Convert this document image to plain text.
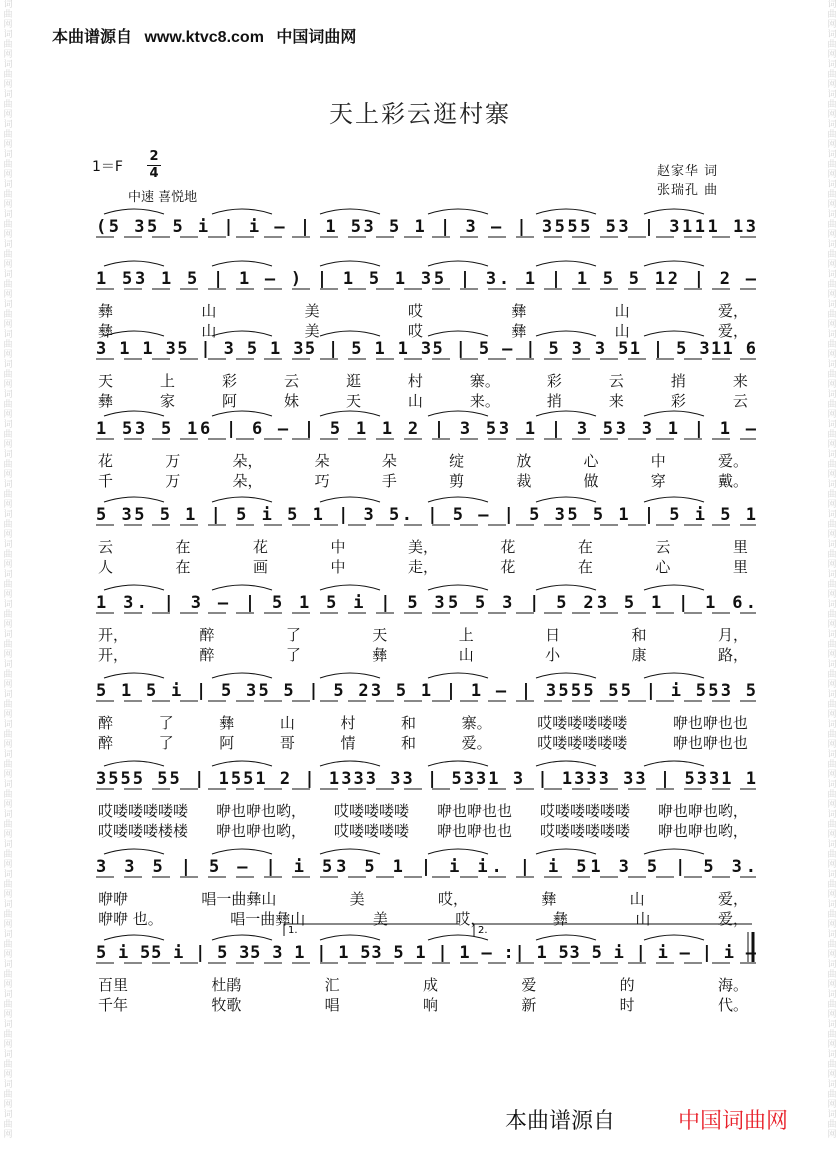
词曲网词曲网词曲网词曲网词曲网词曲网词曲网词曲网词曲网词曲网词曲网词曲网词曲网词曲网词曲网词曲网词曲网词曲网词曲网词曲网词曲网词曲网词曲网词曲网词曲网词曲网词曲网词曲网词曲网词曲网词曲网词曲网词曲网词曲网词曲网词曲网词曲网词曲网
词曲网词曲网词曲网词曲网词曲网词曲网词曲网词曲网词曲网词曲网词曲网词曲网词曲网词曲网词曲网词曲网词曲网词曲网词曲网词曲网词曲网词曲网词曲网词曲网词曲网词曲网词曲网词曲网词曲网词曲网词曲网词曲网词曲网词曲网词曲网词曲网词曲网词曲网
本曲谱源自 www.ktvc8.com 中国词曲网
天上彩云逛村寨
1＝F
2
4
中速 喜悦地
赵家华 词
张瑞孔 曲
(5 35 5 i | i – | 1 53 5 1 | 3 – | 3555 53 | 3111 13
1 53 1 5 | 1 – ) | 1 5 1 35 | 3. 1 | 1 5 5 12 | 2 –
3 1 1 35 | 3 5 1 35 | 5 1 1 35 | 5 – | 5 3 3 51 | 5 311 6
1 53 5 16 | 6 – | 5 1 1 2 | 3 53 1 | 3 53 3 1 | 1 –
5 35 5 1 | 5 i 5 1 | 3 5. | 5 – | 5 35 5 1 | 5 i 5 1
1 3. | 3 – | 5 1 5 i | 5 35 5 3 | 5 23 5 1 | 1 6.
5 1 5 i | 5 35 5 | 5 23 5 1 | 1 – | 3555 55 | i 553 5
3555 55 | 1551 2 | 1333 33 | 5331 3 | 1333 33 | 5331 1
3 3 5 | 5 – | i 53 5 1 | i i. | i 51 3 5 | 5 3.
5 i 55 i | 5 35 3 1 | 1 53 5 1 | 1 – :| 1 53 5 i | i – | i –
1.	2.
彝	山	美	哎	彝	山	爱，
彝	山	美	哎	彝	山	爱，
天	上	彩	云	逛	村	寨。	彩	云	捎	来
彝	家	阿	妹	天	山	来。	捎	来	彩	云
花	万	朵，	朵	朵	绽	放	心	中	爱。
千	万	朵，	巧	手	剪	裁	做	穿	戴。
云	在	花	中	美，	花	在	云	里
人	在	画	中	走，	花	在	心	里
开，	醉	了	天	上	日	和	月，
开，	醉	了	彝	山	小	康	路，
醉	了	彝	山	村	和	寨。	哎喽喽喽喽喽	咿也咿也也
醉	了	阿	哥	情	和	爱。	哎喽喽喽喽喽	咿也咿也也
哎喽喽喽喽喽 咿也咿也哟， 哎喽喽喽喽 咿也咿也也 哎喽喽喽喽喽 咿也咿也哟，
哎喽喽喽楼楼 咿也咿也哟， 哎喽喽喽喽 咿也咿也也 哎喽喽喽喽喽 咿也咿也哟，
咿咿	唱一曲彝山	美	哎，	彝	山	爱，
咿咿 也。	唱一曲彝山	美	哎，	彝	山	爱，
百里	杜鹃	汇	成	爱	的	海。
千年	牧歌	唱	响	新	时	代。
本曲谱源自	中国词曲网
